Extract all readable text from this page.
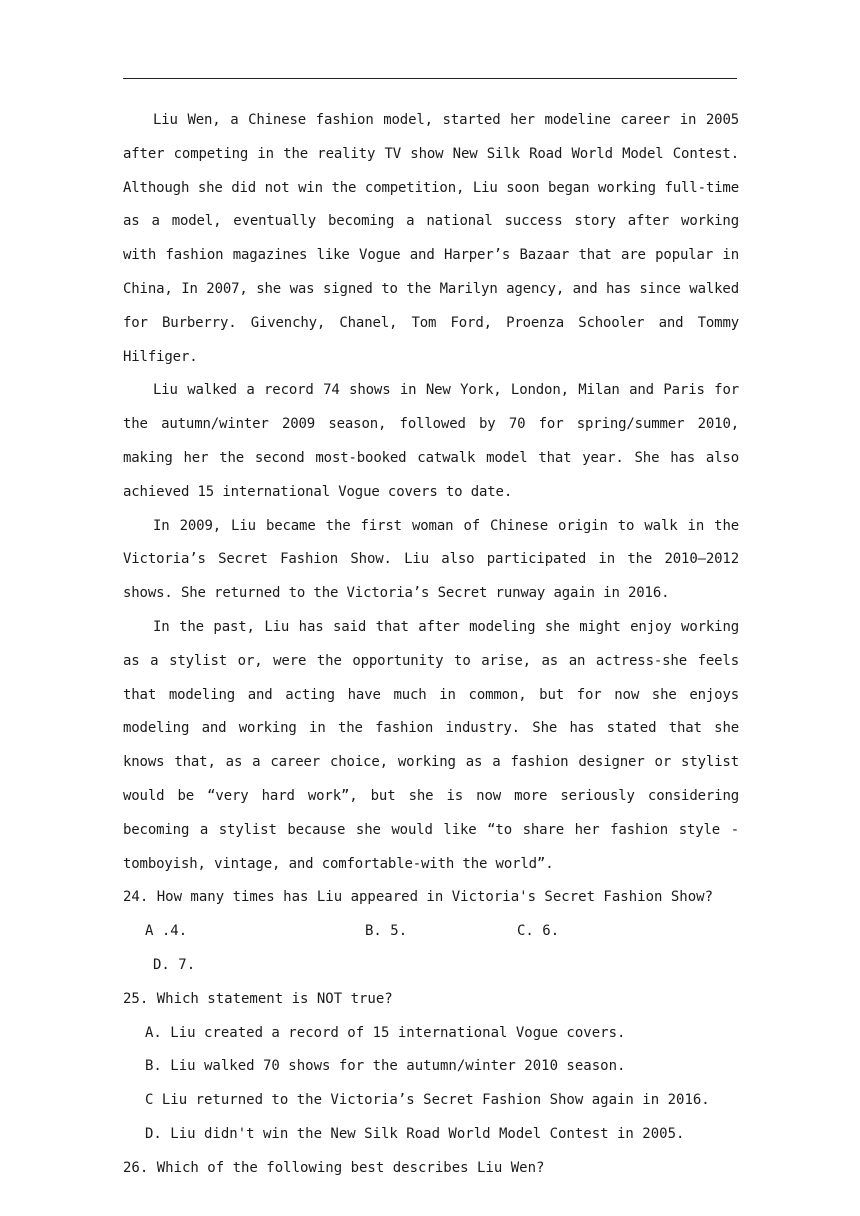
Liu Wen, a Chinese fashion model, started her modeline career in 2005 after competing in the reality TV show New Silk Road World Model Contest. Although she did not win the competition, Liu soon began working full-time as a model, eventually becoming a national success story after working with fashion magazines like Vogue and Harper’s Bazaar that are popular in China, In 2007, she was signed to the Marilyn agency, and has since walked for Burberry. Givenchy, Chanel, Tom Ford, Proenza Schooler and Tommy Hilfiger.

Liu walked a record 74 shows in New York, London, Milan and Paris for the autumn/winter 2009 season, followed by 70 for spring/summer 2010, making her the second most-booked catwalk model that year. She has also achieved 15 international Vogue covers to date.

In 2009, Liu became the first woman of Chinese origin to walk in the Victoria’s Secret Fashion Show. Liu also participated in the 2010—2012 shows. She returned to the Victoria’s Secret runway again in 2016.

In the past, Liu has said that after modeling she might enjoy working as a stylist or, were the opportunity to arise, as an actress-she feels that modeling and acting have much in common, but for now she enjoys modeling and working in the fashion industry. She has stated that she knows that, as a career choice, working as a fashion designer or stylist would be “very hard work”, but she is now more seriously considering becoming a stylist because she would like “to share her fashion style -tomboyish, vintage, and comfortable-with the world”.

24. How many times has Liu appeared in Victoria's Secret Fashion Show?

A .4.	B. 5.	C. 6.

D. 7.

25. Which statement is NOT true?

A. Liu created a record of 15 international Vogue covers.

B. Liu walked 70 shows for the autumn/winter 2010 season.

C Liu returned to the Victoria’s Secret Fashion Show again in 2016.

D. Liu didn't win the New Silk Road World Model Contest in 2005.

26. Which of the following best describes Liu Wen?
